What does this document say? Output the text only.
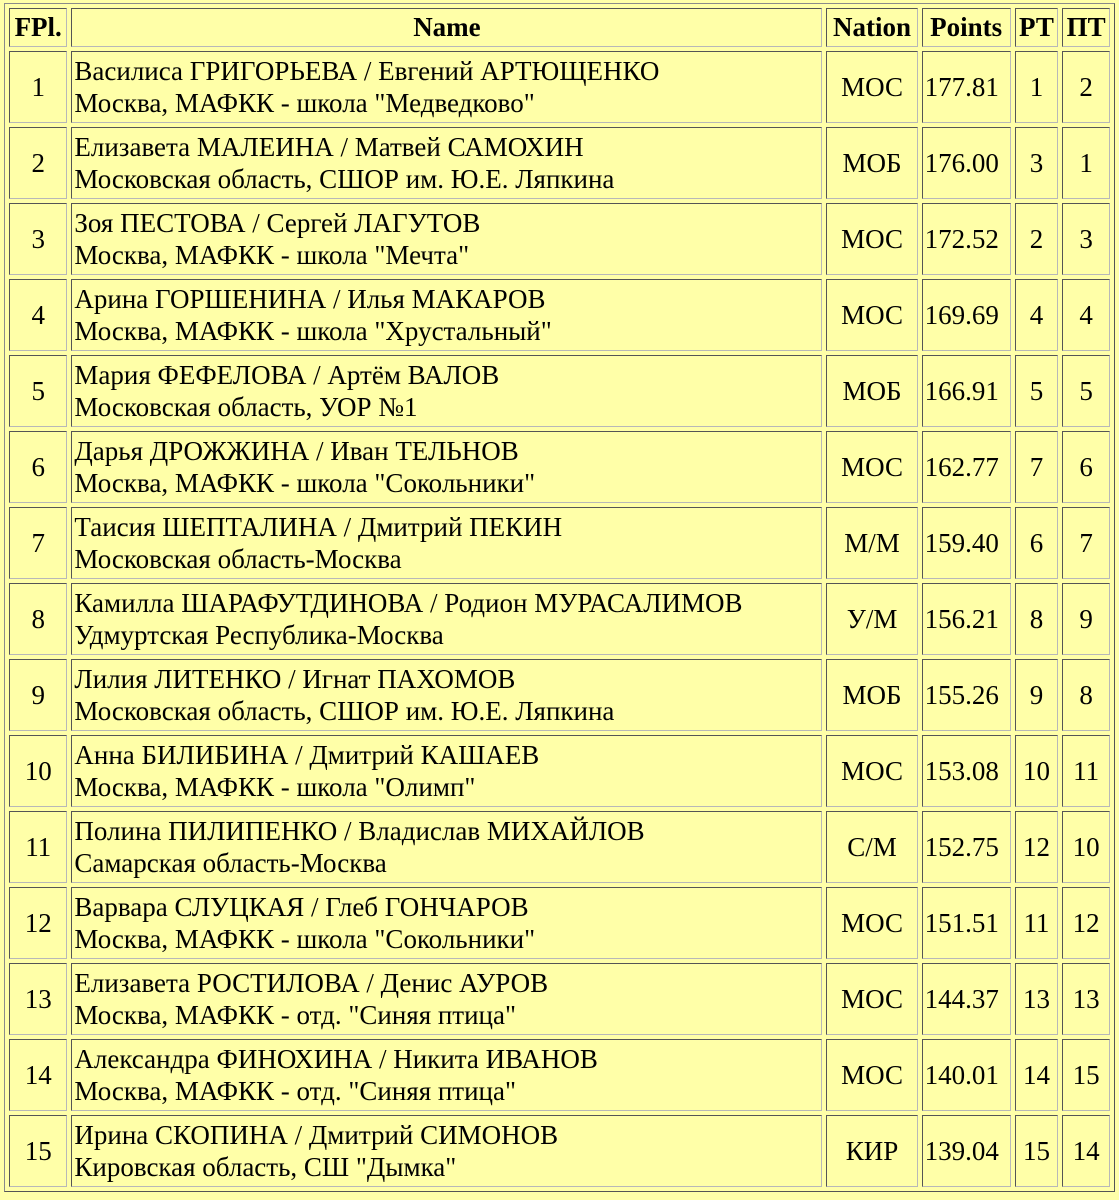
FPl.	Name	Nation	Points	РТ	ПТ
1	Василиса ГРИГОРЬЕВА / Евгений АРТЮЩЕНКО
Москва, МАФКК - школа "Медведково"	МОС	177.81	1	2
2	Елизавета МАЛЕИНА / Матвей САМОХИН
Московская область, СШОР им. Ю.Е. Ляпкина	МОБ	176.00	3	1
3	Зоя ПЕСТОВА / Сергей ЛАГУТОВ
Москва, МАФКК - школа "Мечта"	МОС	172.52	2	3
4	Арина ГОРШЕНИНА / Илья МАКАРОВ
Москва, МАФКК - школа "Хрустальный"	МОС	169.69	4	4
5	Мария ФЕФЕЛОВА / Артём ВАЛОВ
Московская область, УОР №1	МОБ	166.91	5	5
6	Дарья ДРОЖЖИНА / Иван ТЕЛЬНОВ
Москва, МАФКК - школа "Сокольники"	МОС	162.77	7	6
7	Таисия ШЕПТАЛИНА / Дмитрий ПЕКИН
Московская область-Москва	М/М	159.40	6	7
8	Камилла ШАРАФУТДИНОВА / Родион МУРАСАЛИМОВ
Удмуртская Республика-Москва	У/М	156.21	8	9
9	Лилия ЛИТЕНКО / Игнат ПАХОМОВ
Московская область, СШОР им. Ю.Е. Ляпкина	МОБ	155.26	9	8
10	Анна БИЛИБИНА / Дмитрий КАШАЕВ
Москва, МАФКК - школа "Олимп"	МОС	153.08	10	11
11	Полина ПИЛИПЕНКО / Владислав МИХАЙЛОВ
Самарская область-Москва	С/М	152.75	12	10
12	Варвара СЛУЦКАЯ / Глеб ГОНЧАРОВ
Москва, МАФКК - школа "Сокольники"	МОС	151.51	11	12
13	Елизавета РОСТИЛОВА / Денис АУРОВ
Москва, МАФКК - отд. "Синяя птица"	МОС	144.37	13	13
14	Александра ФИНОХИНА / Никита ИВАНОВ
Москва, МАФКК - отд. "Синяя птица"	МОС	140.01	14	15
15	Ирина СКОПИНА / Дмитрий СИМОНОВ
Кировская область, СШ "Дымка"	КИР	139.04	15	14
